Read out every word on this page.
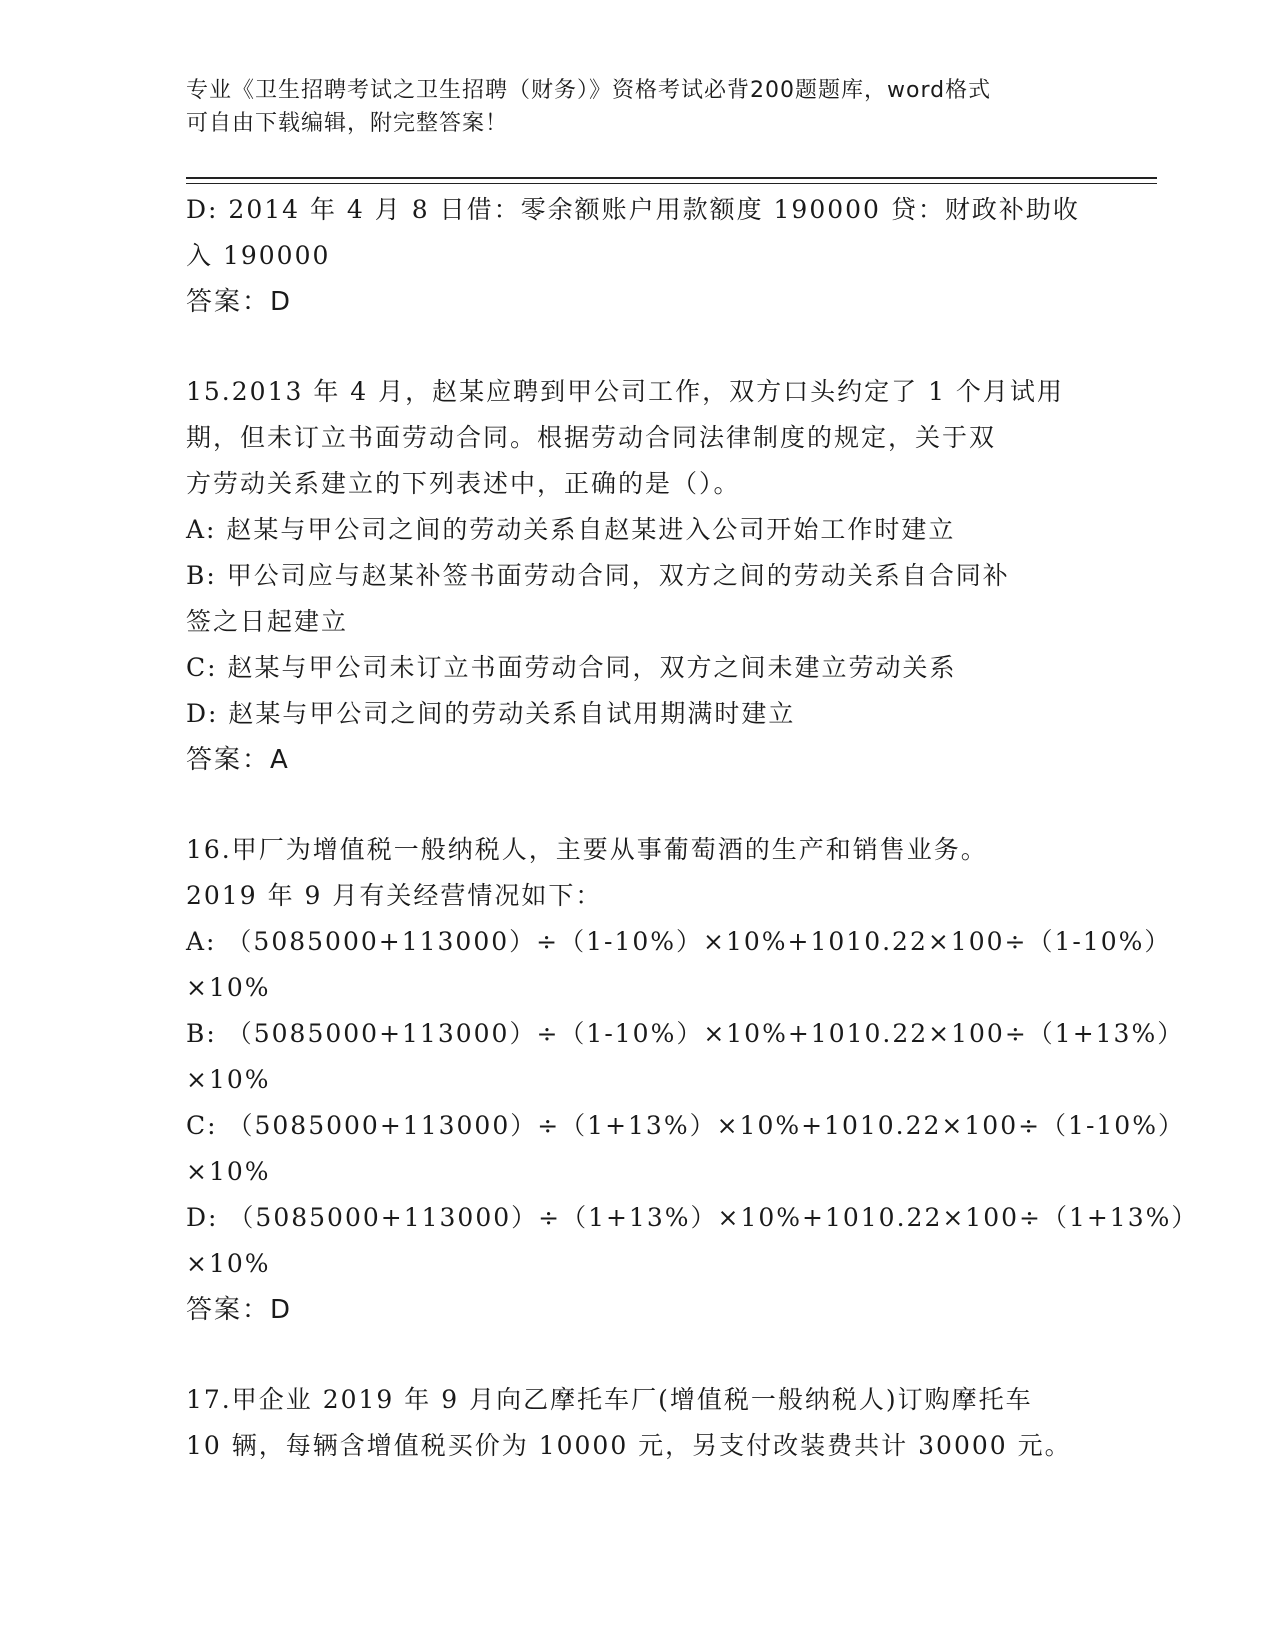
专业《卫生招聘考试之卫生招聘（财务）》资格考试必背200题题库，word格式
可自由下载编辑，附完整答案！
D: 2014 年 4 月 8 日借：零余额账户用款额度 190000 贷：财政补助收
入 190000
答案：D
15.2013 年 4 月，赵某应聘到甲公司工作，双方口头约定了 1 个月试用
期，但未订立书面劳动合同。根据劳动合同法律制度的规定，关于双
方劳动关系建立的下列表述中，正确的是（）。
A: 赵某与甲公司之间的劳动关系自赵某进入公司开始工作时建立
B: 甲公司应与赵某补签书面劳动合同，双方之间的劳动关系自合同补
签之日起建立
C: 赵某与甲公司未订立书面劳动合同，双方之间未建立劳动关系
D: 赵某与甲公司之间的劳动关系自试用期满时建立
答案：A
16.甲厂为增值税一般纳税人，主要从事葡萄酒的生产和销售业务。
2019 年 9 月有关经营情况如下：
A: （5085000+113000）÷（1-10%）×10%+1010.22×100÷（1-10%）
×10%
B: （5085000+113000）÷（1-10%）×10%+1010.22×100÷（1+13%）
×10%
C: （5085000+113000）÷（1+13%）×10%+1010.22×100÷（1-10%）
×10%
D: （5085000+113000）÷（1+13%）×10%+1010.22×100÷（1+13%）
×10%
答案：D
17.甲企业 2019 年 9 月向乙摩托车厂(增值税一般纳税人)订购摩托车
10 辆，每辆含增值税买价为 10000 元，另支付改装费共计 30000 元。
